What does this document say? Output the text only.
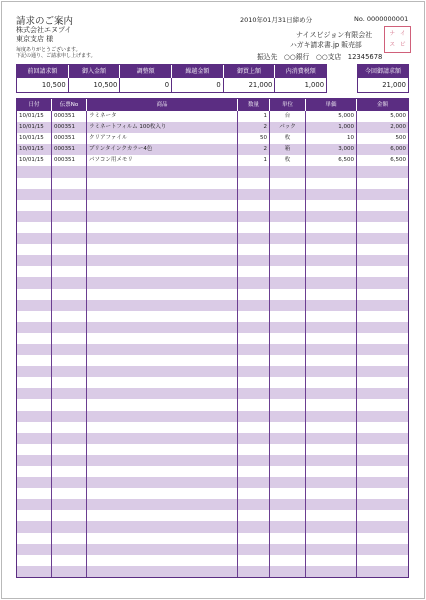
請求のご案内	2010年01月31日締め分	No. 0000000001
株式会社エヌプイ
東京支店 様
毎度ありがとうございます。
下記の通り、ご請求申し上げます。
ナイスビジョン有限会社
ハガキ請求書.jp 販売部
振込先 ○○銀行 ○○支店 12345678
ナ イ
ス ビ
前回請求額	御入金額	調整額	繰越金額	御買上額	内消費税額
10,500	10,500	0	0	21,000	1,000
今回御請求額
21,000
日付	伝票No	商品	数量	単位	単価	金額
10/01/15	000351	ラミネータ	1	台	5,000	5,000
10/01/15	000351	ラミネートフィルム 100枚入り	2	パック	1,000	2,000
10/01/15	000351	クリアファイル	50	枚	10	500
10/01/15	000351	プリンタインクカラー4色	2	箱	3,000	6,000
10/01/15	000351	パソコン用メモリ	1	枚	6,500	6,500
